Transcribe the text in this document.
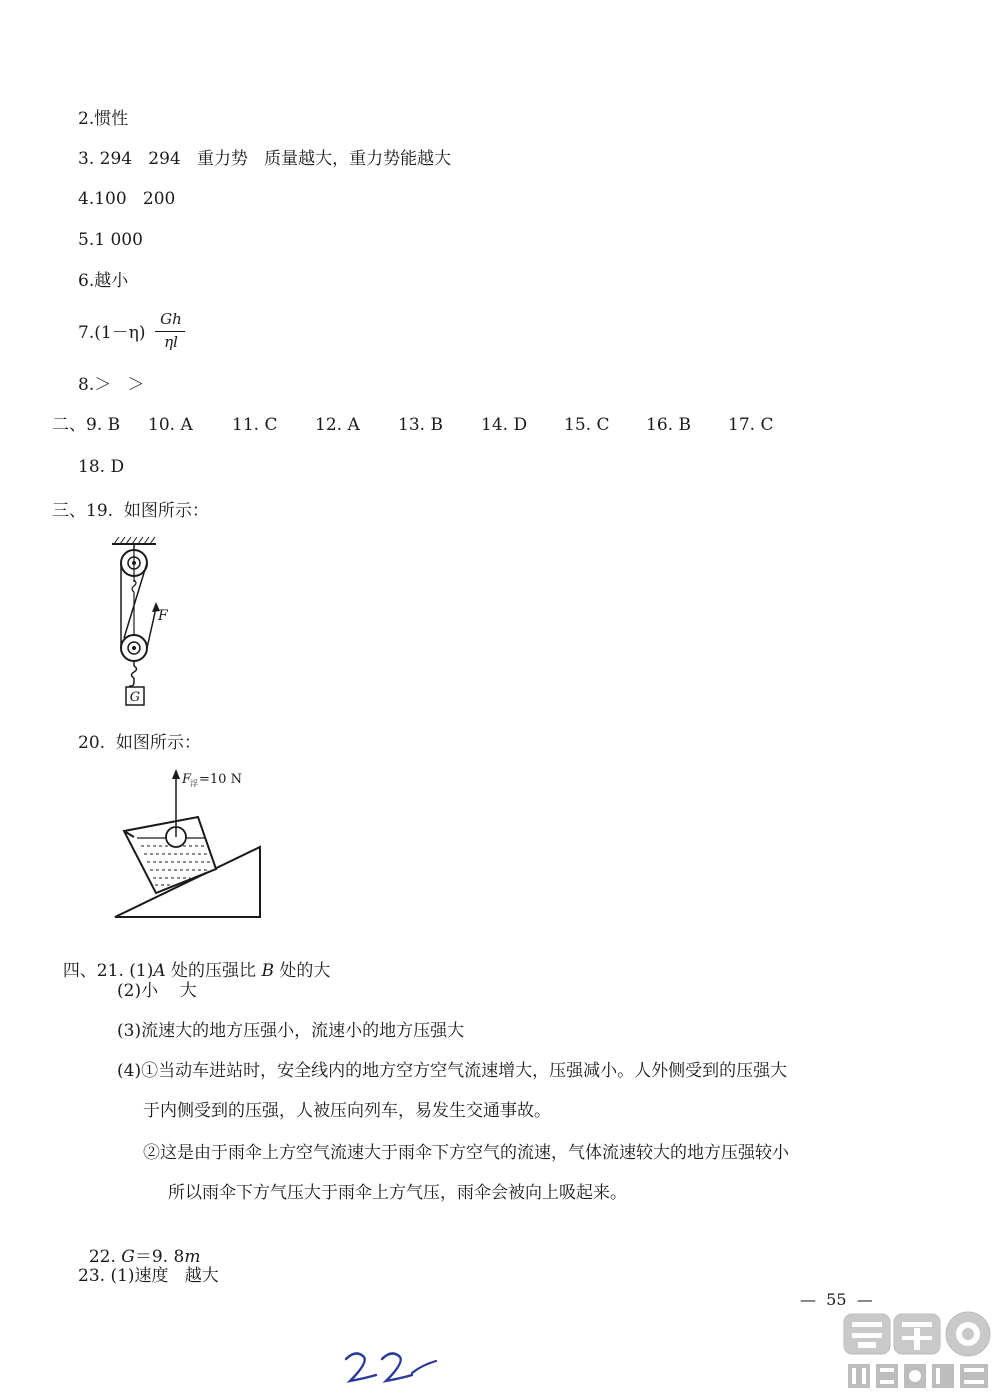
2.惯性
3. 294   294   重力势   质量越大，重力势能越大
4.100   200
5.1 000
6.越小
7.(1－η)
Gh
ηl
8.＞   ＞
二、9. B 10. A 11. C 12. A 13. B 14. D 15. C 16. B 17. C
18. D
三、19.  如图所示：
G
F
20.  如图所示：
F
浮 =10 N

四、21. (1)A 处的压强比 B 处的大

(2)小    大
(3)流速大的地方压强小，流速小的地方压强大
(4)①当动车进站时，安全线内的地方空方空气流速增大，压强减小。人外侧受到的压强大
于内侧受到的压强，人被压向列车，易发生交通事故。
②这是由于雨伞上方空气流速大于雨伞下方空气的流速，气体流速较大的地方压强较小
所以雨伞下方气压大于雨伞上方气压，雨伞会被向上吸起来。

22. G＝9. 8m

23. (1)速度   越大
—  55  —
